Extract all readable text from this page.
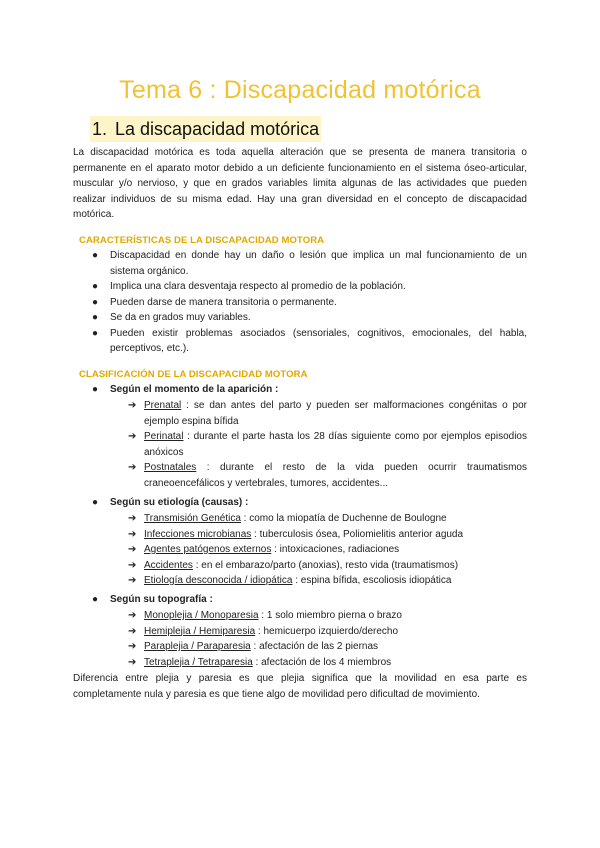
Tema 6 : Discapacidad motórica
1. La discapacidad motórica

La discapacidad motórica es toda aquella alteración que se presenta de manera transitoria o permanente en el aparato motor debido a un deficiente funcionamiento en el sistema óseo-articular, muscular y/o nervioso, y que en grados variables limita algunas de las actividades que pueden realizar individuos de su misma edad. Hay una gran diversidad en el concepto de discapacidad motórica.

CARACTERÍSTICAS DE LA DISCAPACIDAD MOTORA
● Discapacidad en donde hay un daño o lesión que implica un mal funcionamiento de un sistema orgánico.
● Implica una clara desventaja respecto al promedio de la población.
● Pueden darse de manera transitoria o permanente.
● Se da en grados muy variables.
● Pueden existir problemas asociados (sensoriales, cognitivos, emocionales, del habla, perceptivos, etc.).
CLASIFICACIÓN DE LA DISCAPACIDAD MOTORA
● Según el momento de la aparición :
➔ Prenatal : se dan antes del parto y pueden ser malformaciones congénitas o por ejemplo espina bífida
➔ Perinatal : durante el parte hasta los 28 días siguiente como por ejemplos episodios anóxicos
➔ Postnatales : durante el resto de la vida pueden ocurrir traumatismos craneoencefálicos y vertebrales, tumores, accidentes...
● Según su etiología (causas) :
➔ Transmisión Genética : como la miopatía de Duchenne de Boulogne
➔ Infecciones microbianas : tuberculosis ósea, Poliomielitis anterior aguda
➔ Agentes patógenos externos : intoxicaciones, radiaciones
➔ Accidentes : en el embarazo/parto (anoxias), resto vida (traumatismos)
➔ Etiología desconocida / idiopática : espina bífida, escoliosis idiopática
● Según su topografía :
➔ Monoplejia / Monoparesia : 1 solo miembro pierna o brazo
➔ Hemiplejia / Hemiparesia : hemicuerpo izquierdo/derecho
➔ Paraplejia / Paraparesia : afectación de las 2 piernas
➔ Tetraplejia / Tetraparesia : afectación de los 4 miembros

Diferencia entre plejia y paresia es que plejia significa que la movilidad en esa parte es completamente nula y paresia es que tiene algo de movilidad pero dificultad de movimiento.
